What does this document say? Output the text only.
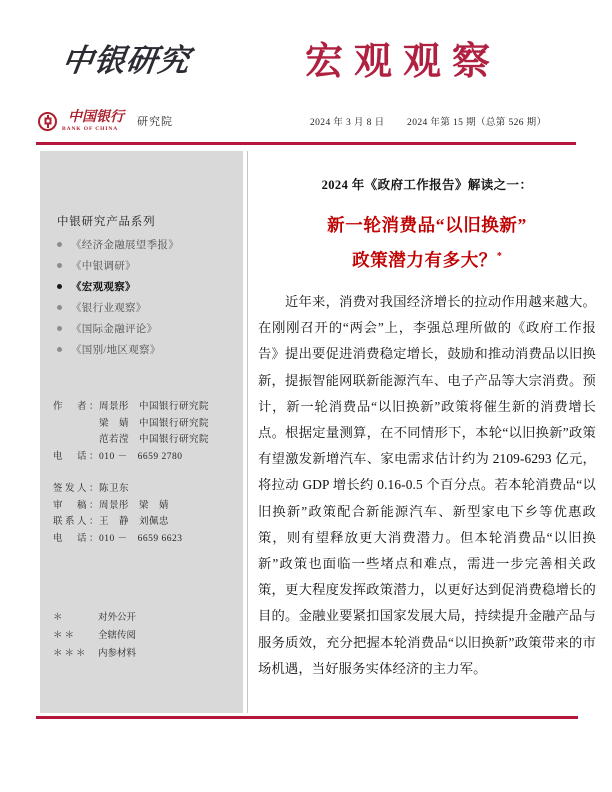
中银研究	宏观观察
中国银行
BANK OF CHINA
研究院	2024 年 3 月 8 日 2024 年第 15 期（总第 526 期）
中银研究产品系列
《经济金融展望季报》
《中银调研》
《宏观观察》
《银行业观察》
《国际金融评论》
《国别/地区观察》
作　者：
周景彤	中国银行研究院
梁　婧	中国银行研究院
范若滢	中国银行研究院
电　话：
010 －　6659 2780
签发人：
陈卫东
审　稿：
周景彤　梁　婧
联系人：
王　静　刘佩忠
电　话：
010 －　6659 6623
＊	对外公开
＊＊	全辖传阅
＊＊＊	内参材料
2024 年《政府工作报告》解读之一：
新一轮消费品“以旧换新”
政策潜力有多大？*
近年来，消费对我国经济增长的拉动作用越来越大。在刚刚召开的“两会”上，李强总理所做的《政府工作报告》提出要促进消费稳定增长，鼓励和推动消费品以旧换新，提振智能网联新能源汽车、电子产品等大宗消费。预计，新一轮消费品“以旧换新”政策将催生新的消费增长点。根据定量测算，在不同情形下，本轮“以旧换新”政策有望激发新增汽车、家电需求估计约为 2109-6293 亿元，将拉动 GDP 增长约 0.16-0.5 个百分点。若本轮消费品“以旧换新”政策配合新能源汽车、新型家电下乡等优惠政策，则有望释放更大消费潜力。但本轮消费品“以旧换新”政策也面临一些堵点和难点，需进一步完善相关政策，更大程度发挥政策潜力，以更好达到促消费稳增长的目的。金融业要紧扣国家发展大局，持续提升金融产品与服务质效，充分把握本轮消费品“以旧换新”政策带来的市场机遇，当好服务实体经济的主力军。
